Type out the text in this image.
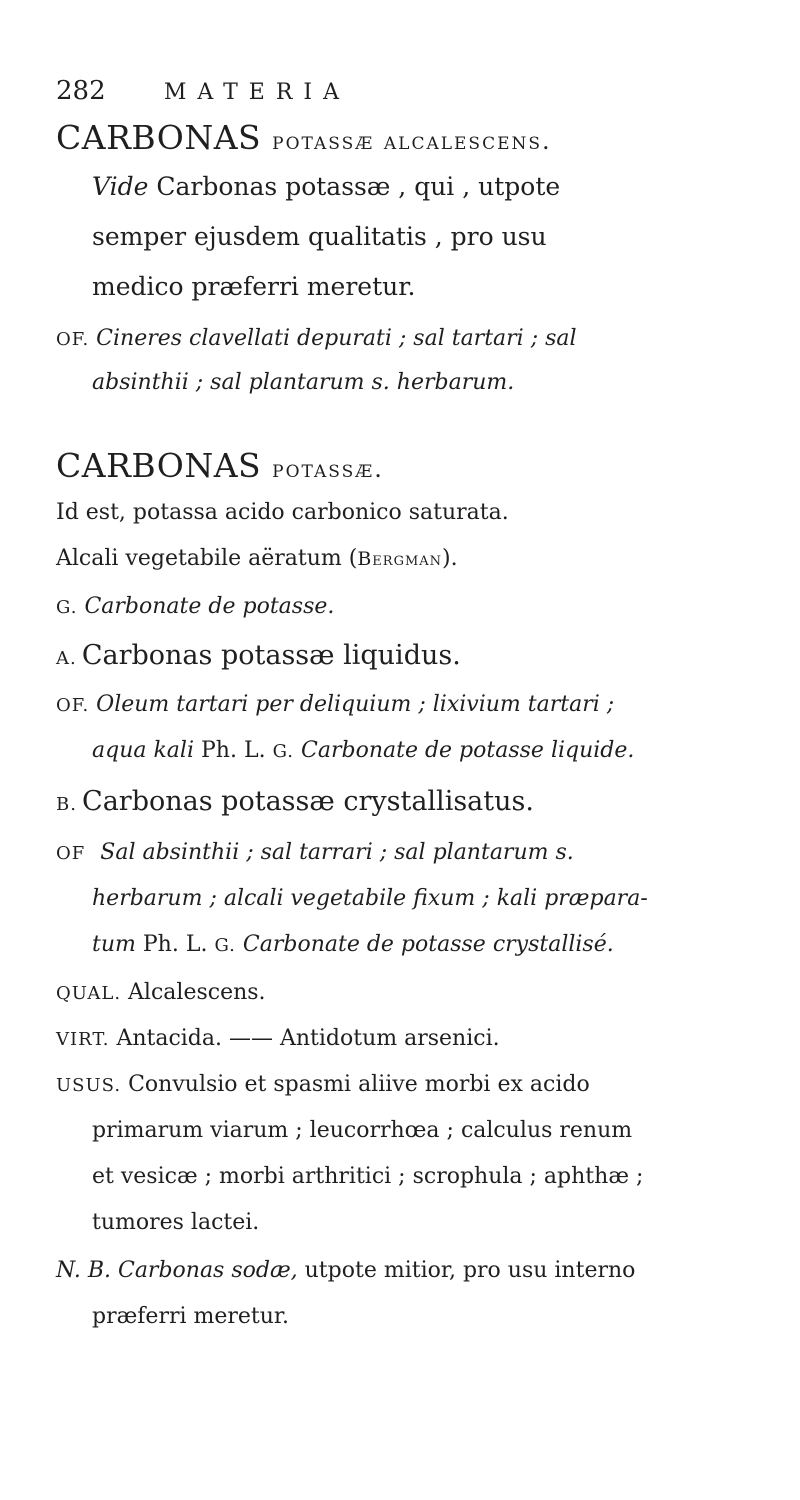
282	MATERIA
CARBONAS potassæ alcalescens.
Vide Carbonas potassæ , qui , utpote
semper ejusdem qualitatis , pro usu
medico præferri meretur.
OF. Cineres clavellati depurati ; sal tartari ; sal
absinthii ; sal plantarum s. herbarum.
CARBONAS potassæ.
Id est, potassa acido carbonico saturata.
Alcali vegetabile aëratum (Bergman).
G. Carbonate de potasse.
A. Carbonas potassæ liquidus.
OF. Oleum tartari per deliquium ; lixivium tartari ;
aqua kali Ph. L. G. Carbonate de potasse liquide.
B. Carbonas potassæ crystallisatus.
OF Sal absinthii ; sal tarrari ; sal plantarum s.
herbarum ; alcali vegetabile fixum ; kali præpara-
tum Ph. L. G. Carbonate de potasse crystallisé.
QUAL. Alcalescens.
VIRT. Antacida. —— Antidotum arsenici.
USUS. Convulsio et spasmi aliive morbi ex acido
primarum viarum ; leucorrhœa ; calculus renum
et vesicæ ; morbi arthritici ; scrophula ; aphthæ ;
tumores lactei.
N. B. Carbonas sodæ, utpote mitior, pro usu interno
præferri meretur.
